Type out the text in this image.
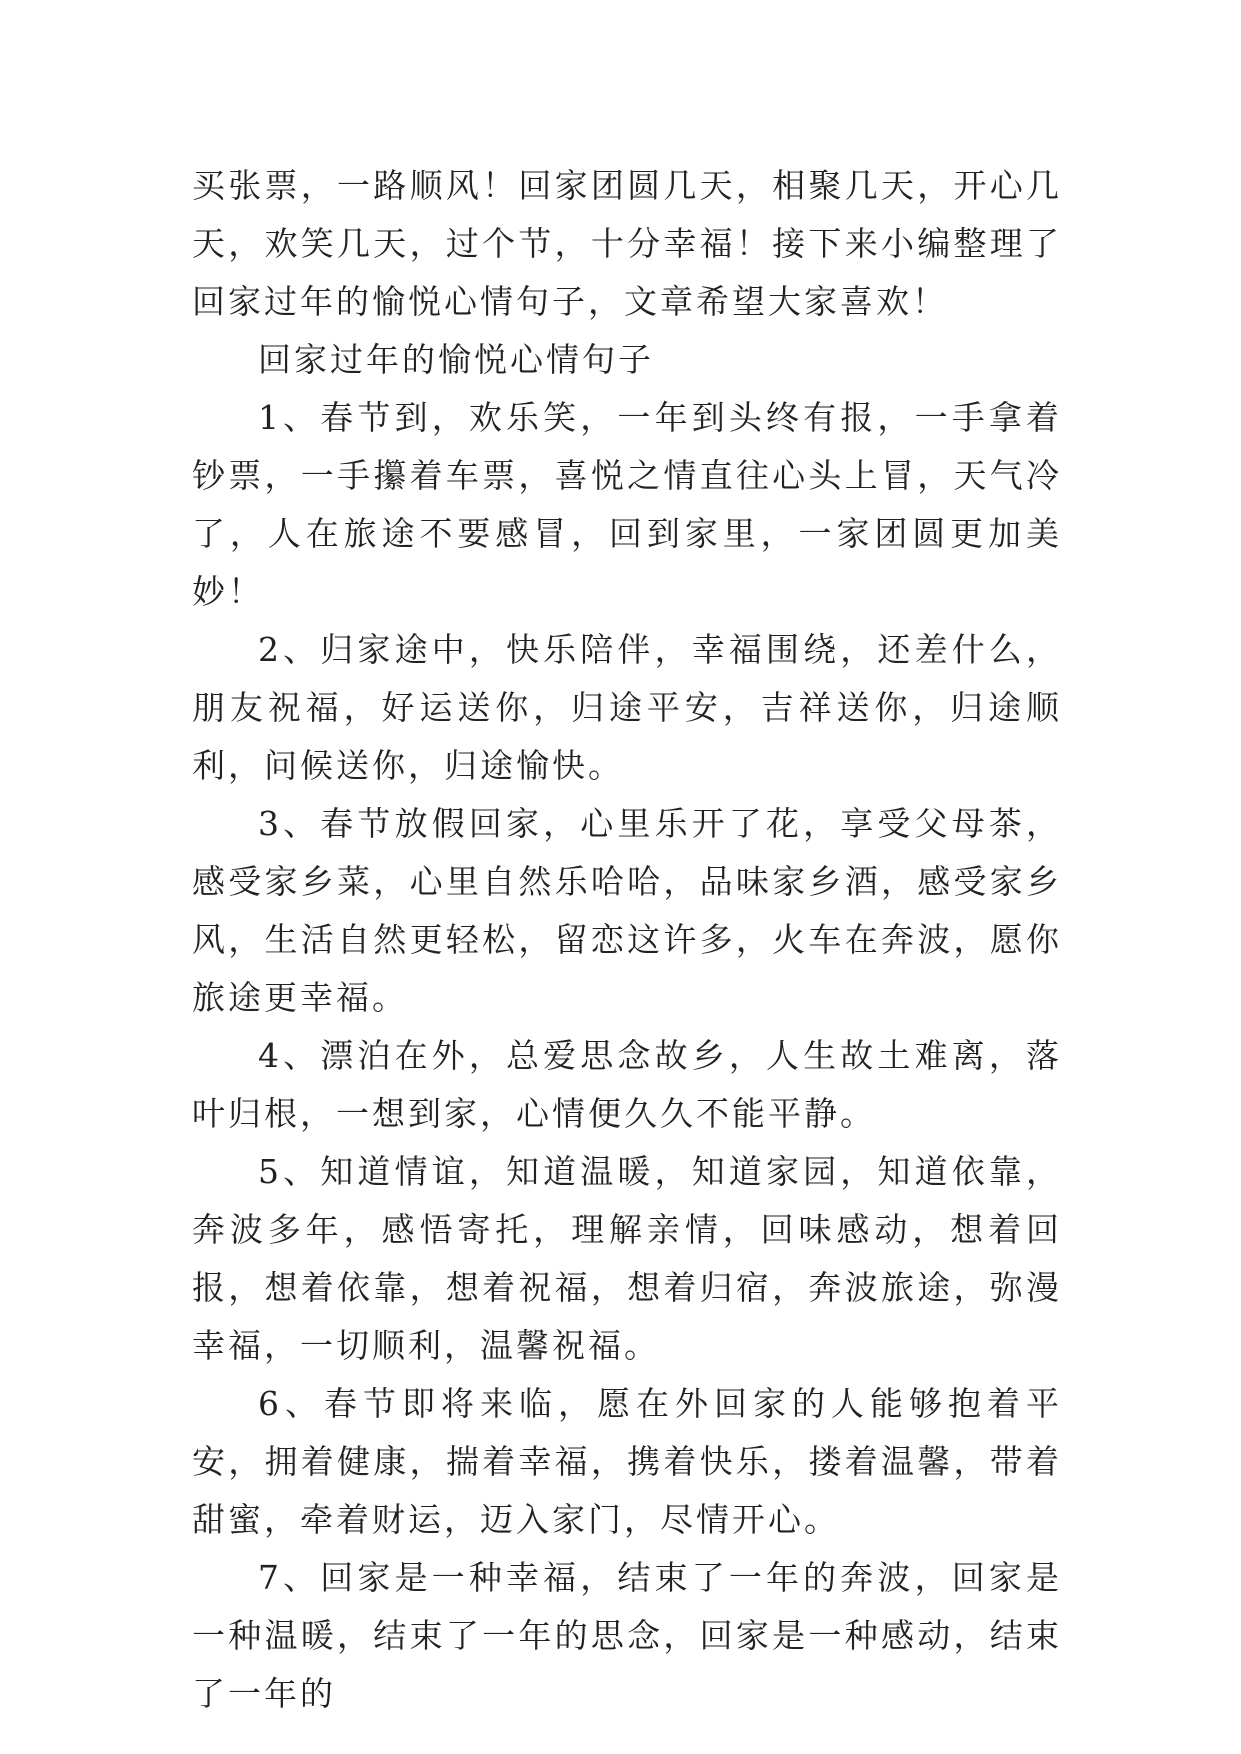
买张票，一路顺风！回家团圆几天，相聚几天，开心几天，欢笑几天，过个节，十分幸福！接下来小编整理了回家过年的愉悦心情句子，文章希望大家喜欢！

回家过年的愉悦心情句子

1、春节到，欢乐笑，一年到头终有报，一手拿着钞票，一手攥着车票，喜悦之情直往心头上冒，天气冷了，人在旅途不要感冒，回到家里，一家团圆更加美妙！

2、归家途中，快乐陪伴，幸福围绕，还差什么，朋友祝福，好运送你，归途平安，吉祥送你，归途顺利，问候送你，归途愉快。

3、春节放假回家，心里乐开了花，享受父母茶，感受家乡菜，心里自然乐哈哈，品味家乡酒，感受家乡风，生活自然更轻松，留恋这许多，火车在奔波，愿你旅途更幸福。

4、漂泊在外，总爱思念故乡，人生故土难离，落叶归根，一想到家，心情便久久不能平静。

5、知道情谊，知道温暖，知道家园，知道依靠，奔波多年，感悟寄托，理解亲情，回味感动，想着回报，想着依靠，想着祝福，想着归宿，奔波旅途，弥漫幸福，一切顺利，温馨祝福。

6、春节即将来临，愿在外回家的人能够抱着平安，拥着健康，揣着幸福，携着快乐，搂着温馨，带着甜蜜，牵着财运，迈入家门，尽情开心。

7、回家是一种幸福，结束了一年的奔波，回家是一种温暖，结束了一年的思念，回家是一种感动，结束了一年的
